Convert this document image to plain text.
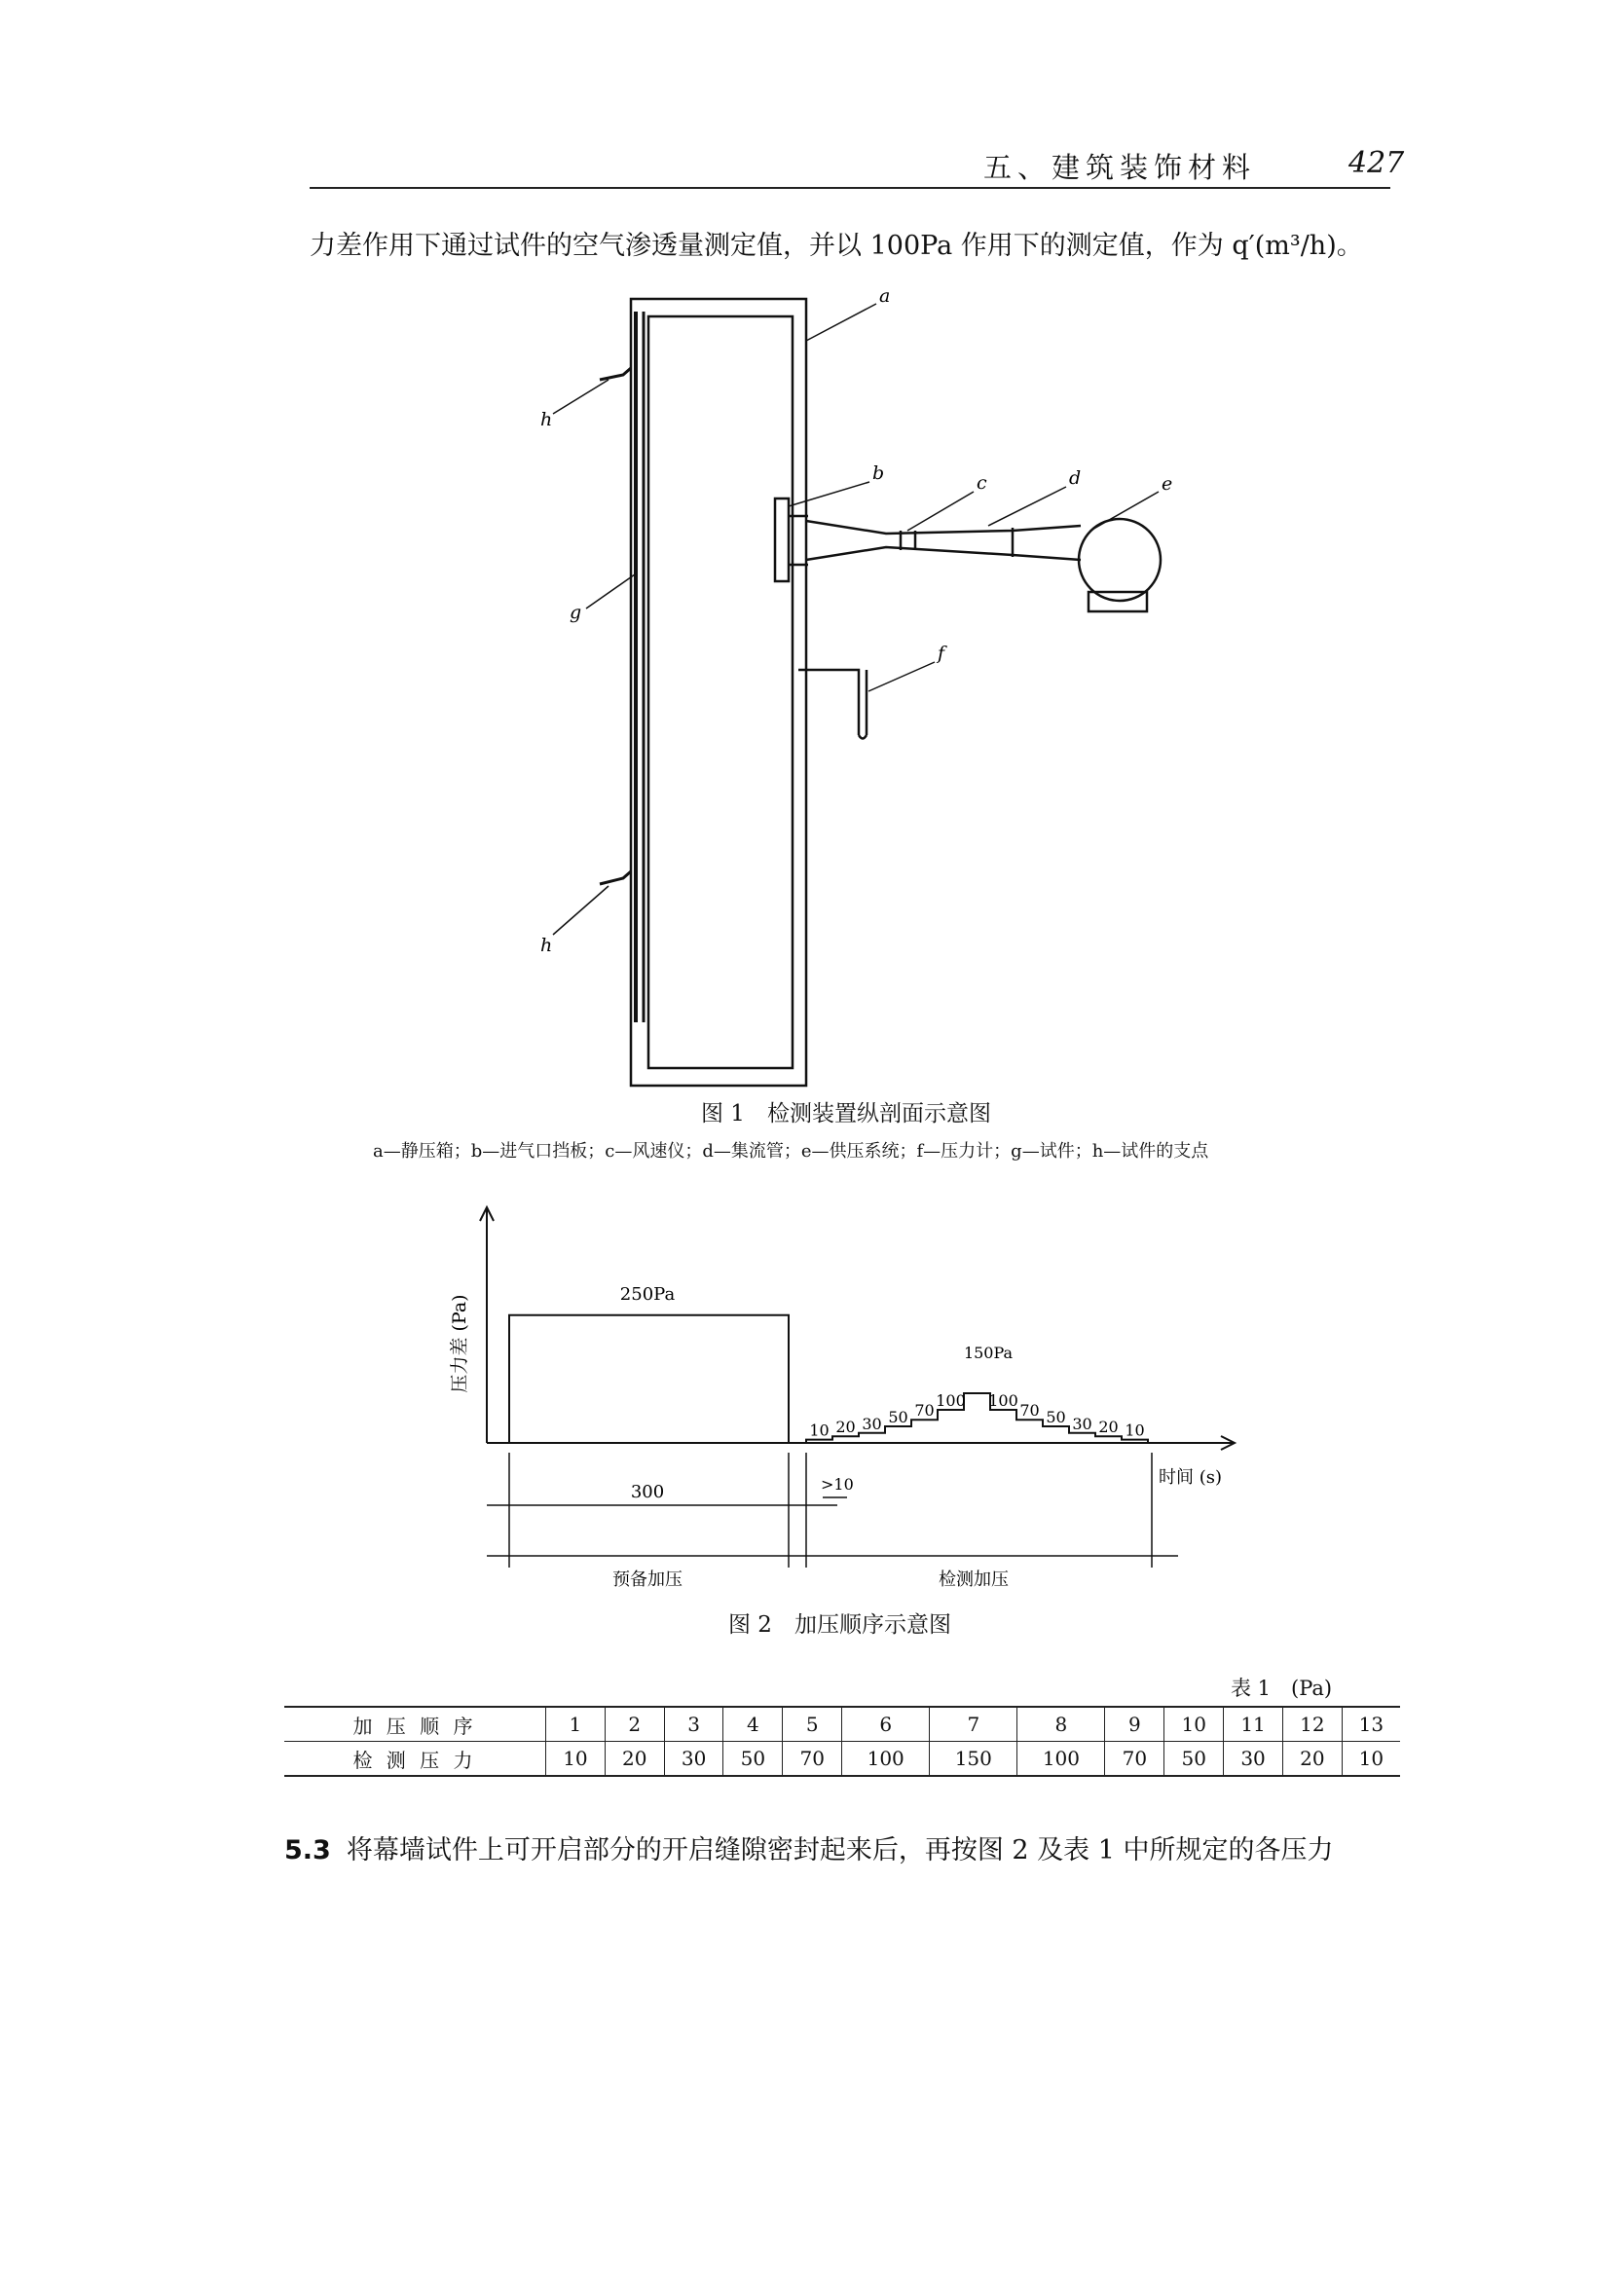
五、建筑装饰材料	427
力差作用下通过试件的空气渗透量测定值，并以 100Pa 作用下的测定值，作为 q′(m³/h)。
a
b	c	d	e
f
g
h
h
图 1　检测装置纵剖面示意图
a—静压箱；b—进气口挡板；c—风速仪；d—集流管；e—供压系统；f—压力计；g—试件；h—试件的支点
压力差 (Pa)
时间 (s)
250Pa
150Pa
10 20 30 50 70
100 100
70 50 30 20 10
300	>10
预备加压	检测加压
图 2　加压顺序示意图
表 1　(Pa)
加 压 顺 序	1	2	3	4	5	6	7	8	9	10	11	12	13
检 测 压 力	10	20	30	50	70	100	150	100	70	50	30	20	10
5.3 将幕墙试件上可开启部分的开启缝隙密封起来后，再按图 2 及表 1 中所规定的各压力
